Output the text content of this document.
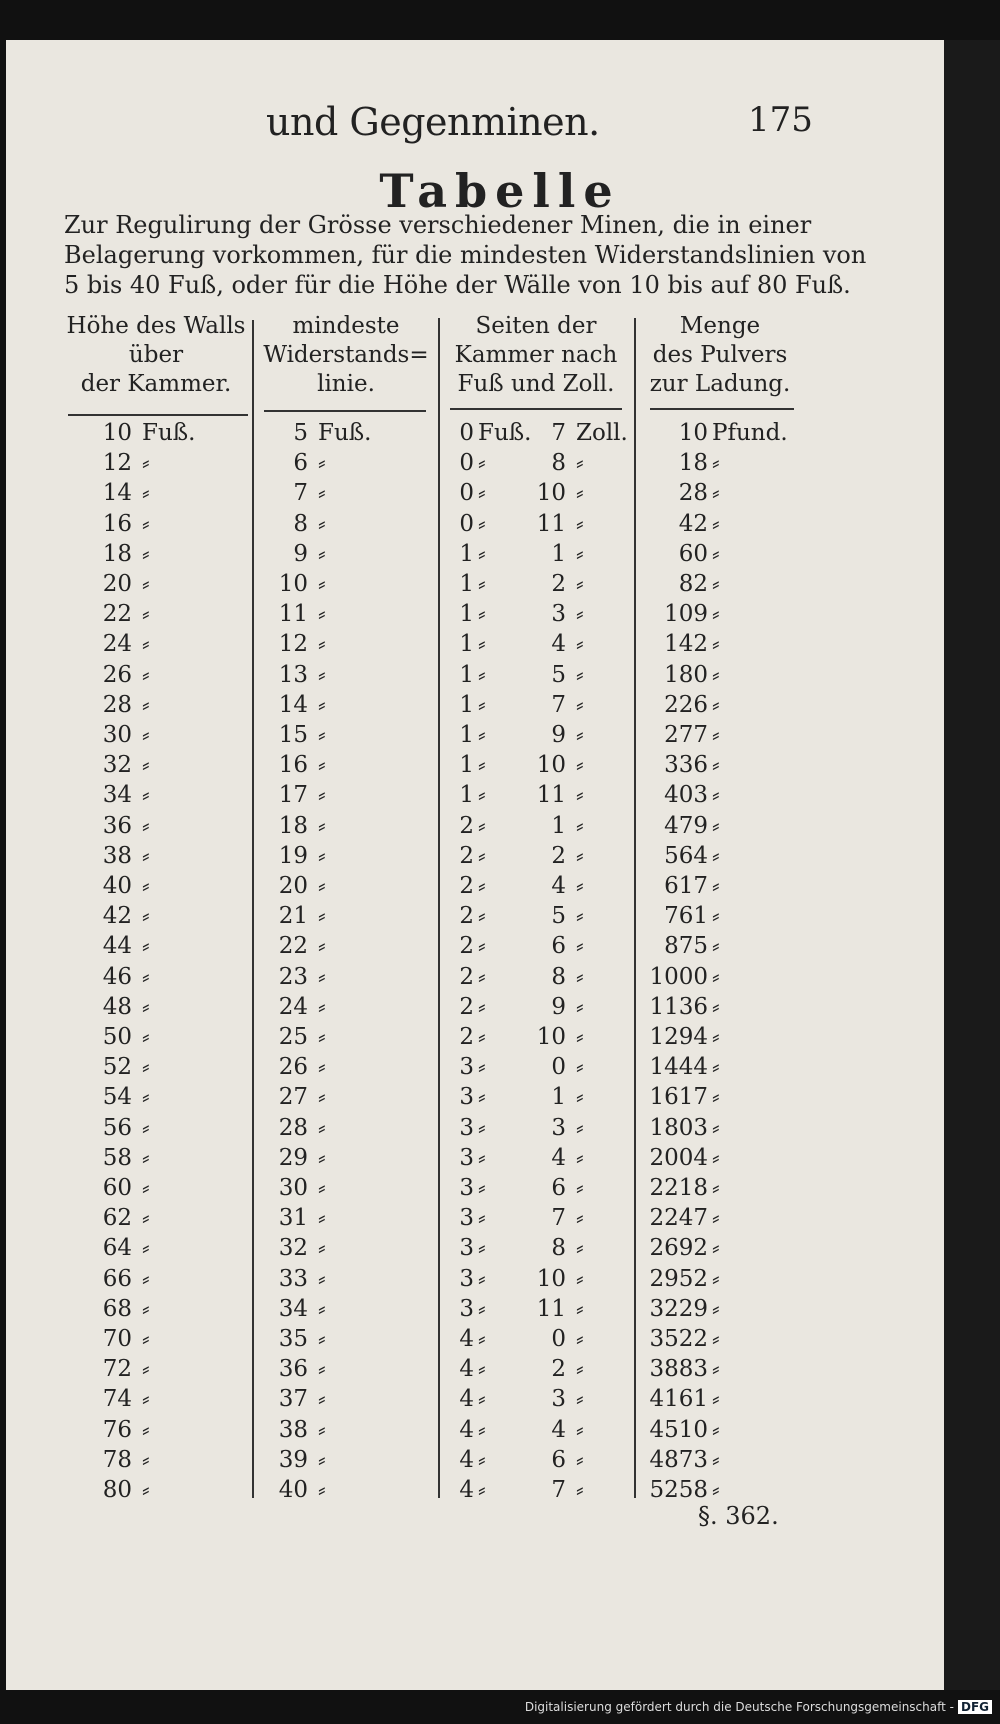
und Gegenminen.	175
Tabelle
Zur Regulirung der Grösse verschiedener Minen, die in einer
Belagerung vorkommen, für die mindesten Widerstandslinien von
5 bis 40 Fuß, oder für die Höhe der Wälle von 10 bis auf 80 Fuß.
Höhe des Walls
über
der Kammer.
mindeste
Widerstands=
linie.
Seiten der
Kammer nach
Fuß und Zoll.
Menge
des Pulvers
zur Ladung.
10 Fuß.	5 Fuß.	0 Fuß. 7 Zoll.	10 Pfund.
12 ⸗	6 ⸗	0 ⸗	8 ⸗	18 ⸗
14 ⸗	7 ⸗	0 ⸗	10 ⸗	28 ⸗
16 ⸗	8 ⸗	0 ⸗	11 ⸗	42 ⸗
18 ⸗	9 ⸗	1 ⸗	1 ⸗	60 ⸗
20 ⸗	10 ⸗	1 ⸗	2 ⸗	82 ⸗
22 ⸗	11 ⸗	1 ⸗	3 ⸗	109 ⸗
24 ⸗	12 ⸗	1 ⸗	4 ⸗	142 ⸗
26 ⸗	13 ⸗	1 ⸗	5 ⸗	180 ⸗
28 ⸗	14 ⸗	1 ⸗	7 ⸗	226 ⸗
30 ⸗	15 ⸗	1 ⸗	9 ⸗	277 ⸗
32 ⸗	16 ⸗	1 ⸗	10 ⸗	336 ⸗
34 ⸗	17 ⸗	1 ⸗	11 ⸗	403 ⸗
36 ⸗	18 ⸗	2 ⸗	1 ⸗	479 ⸗
38 ⸗	19 ⸗	2 ⸗	2 ⸗	564 ⸗
40 ⸗	20 ⸗	2 ⸗	4 ⸗	617 ⸗
42 ⸗	21 ⸗	2 ⸗	5 ⸗	761 ⸗
44 ⸗	22 ⸗	2 ⸗	6 ⸗	875 ⸗
46 ⸗	23 ⸗	2 ⸗	8 ⸗	1000 ⸗
48 ⸗	24 ⸗	2 ⸗	9 ⸗	1136 ⸗
50 ⸗	25 ⸗	2 ⸗	10 ⸗	1294 ⸗
52 ⸗	26 ⸗	3 ⸗	0 ⸗	1444 ⸗
54 ⸗	27 ⸗	3 ⸗	1 ⸗	1617 ⸗
56 ⸗	28 ⸗	3 ⸗	3 ⸗	1803 ⸗
58 ⸗	29 ⸗	3 ⸗	4 ⸗	2004 ⸗
60 ⸗	30 ⸗	3 ⸗	6 ⸗	2218 ⸗
62 ⸗	31 ⸗	3 ⸗	7 ⸗	2247 ⸗
64 ⸗	32 ⸗	3 ⸗	8 ⸗	2692 ⸗
66 ⸗	33 ⸗	3 ⸗	10 ⸗	2952 ⸗
68 ⸗	34 ⸗	3 ⸗	11 ⸗	3229 ⸗
70 ⸗	35 ⸗	4 ⸗	0 ⸗	3522 ⸗
72 ⸗	36 ⸗	4 ⸗	2 ⸗	3883 ⸗
74 ⸗	37 ⸗	4 ⸗	3 ⸗	4161 ⸗
76 ⸗	38 ⸗	4 ⸗	4 ⸗	4510 ⸗
78 ⸗	39 ⸗	4 ⸗	6 ⸗	4873 ⸗
80 ⸗	40 ⸗	4 ⸗	7 ⸗	5258 ⸗
§. 362.
Digitalisierung gefördert durch die Deutsche Forschungsgemeinschaft - DFG
